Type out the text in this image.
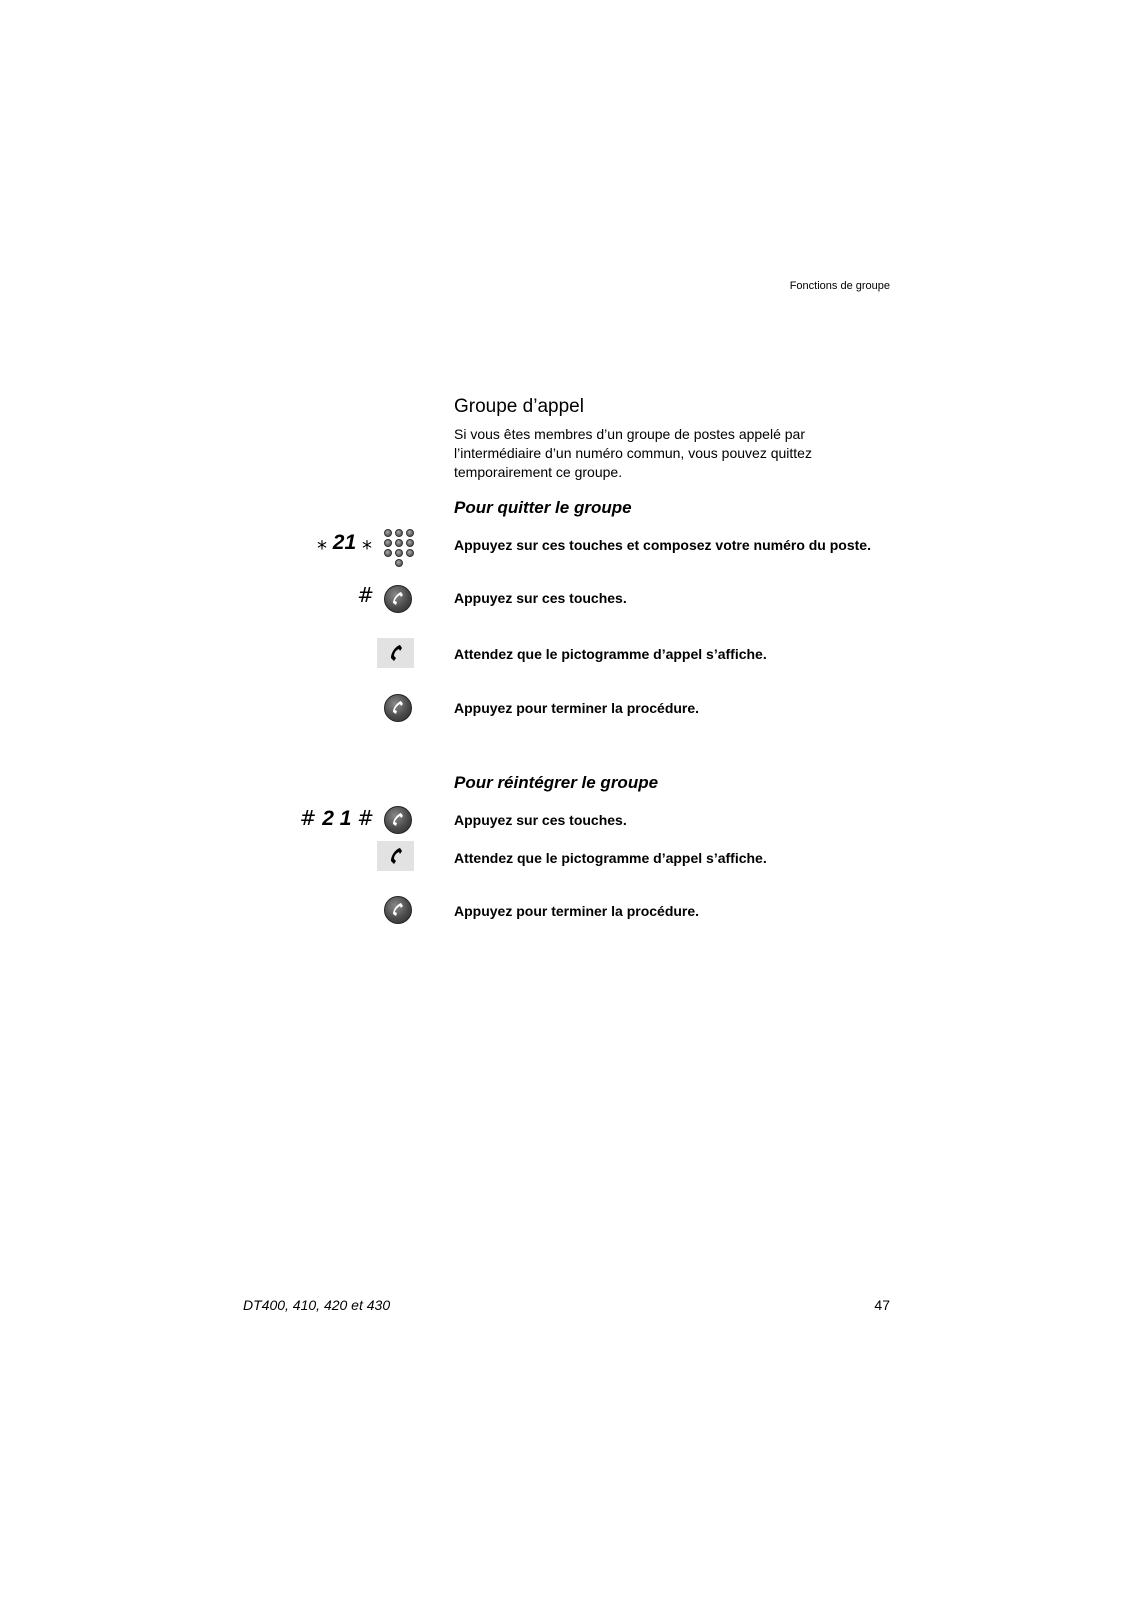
Fonctions de groupe
Groupe d’appel
Si vous êtes membres d’un groupe de postes appelé par l’intermédiaire d’un numéro commun, vous pouvez quittez temporairement ce groupe.
Pour quitter le groupe
⁎ 21 ⁎	Appuyez sur ces touches et composez votre numéro du poste.
#	Appuyez sur ces touches.
Attendez que le pictogramme d’appel s’affiche.
Appuyez pour terminer la procédure.
Pour réintégrer le groupe
# 2 1 #	Appuyez sur ces touches.
Attendez que le pictogramme d’appel s’affiche.
Appuyez pour terminer la procédure.
DT400, 410, 420 et 430	47
